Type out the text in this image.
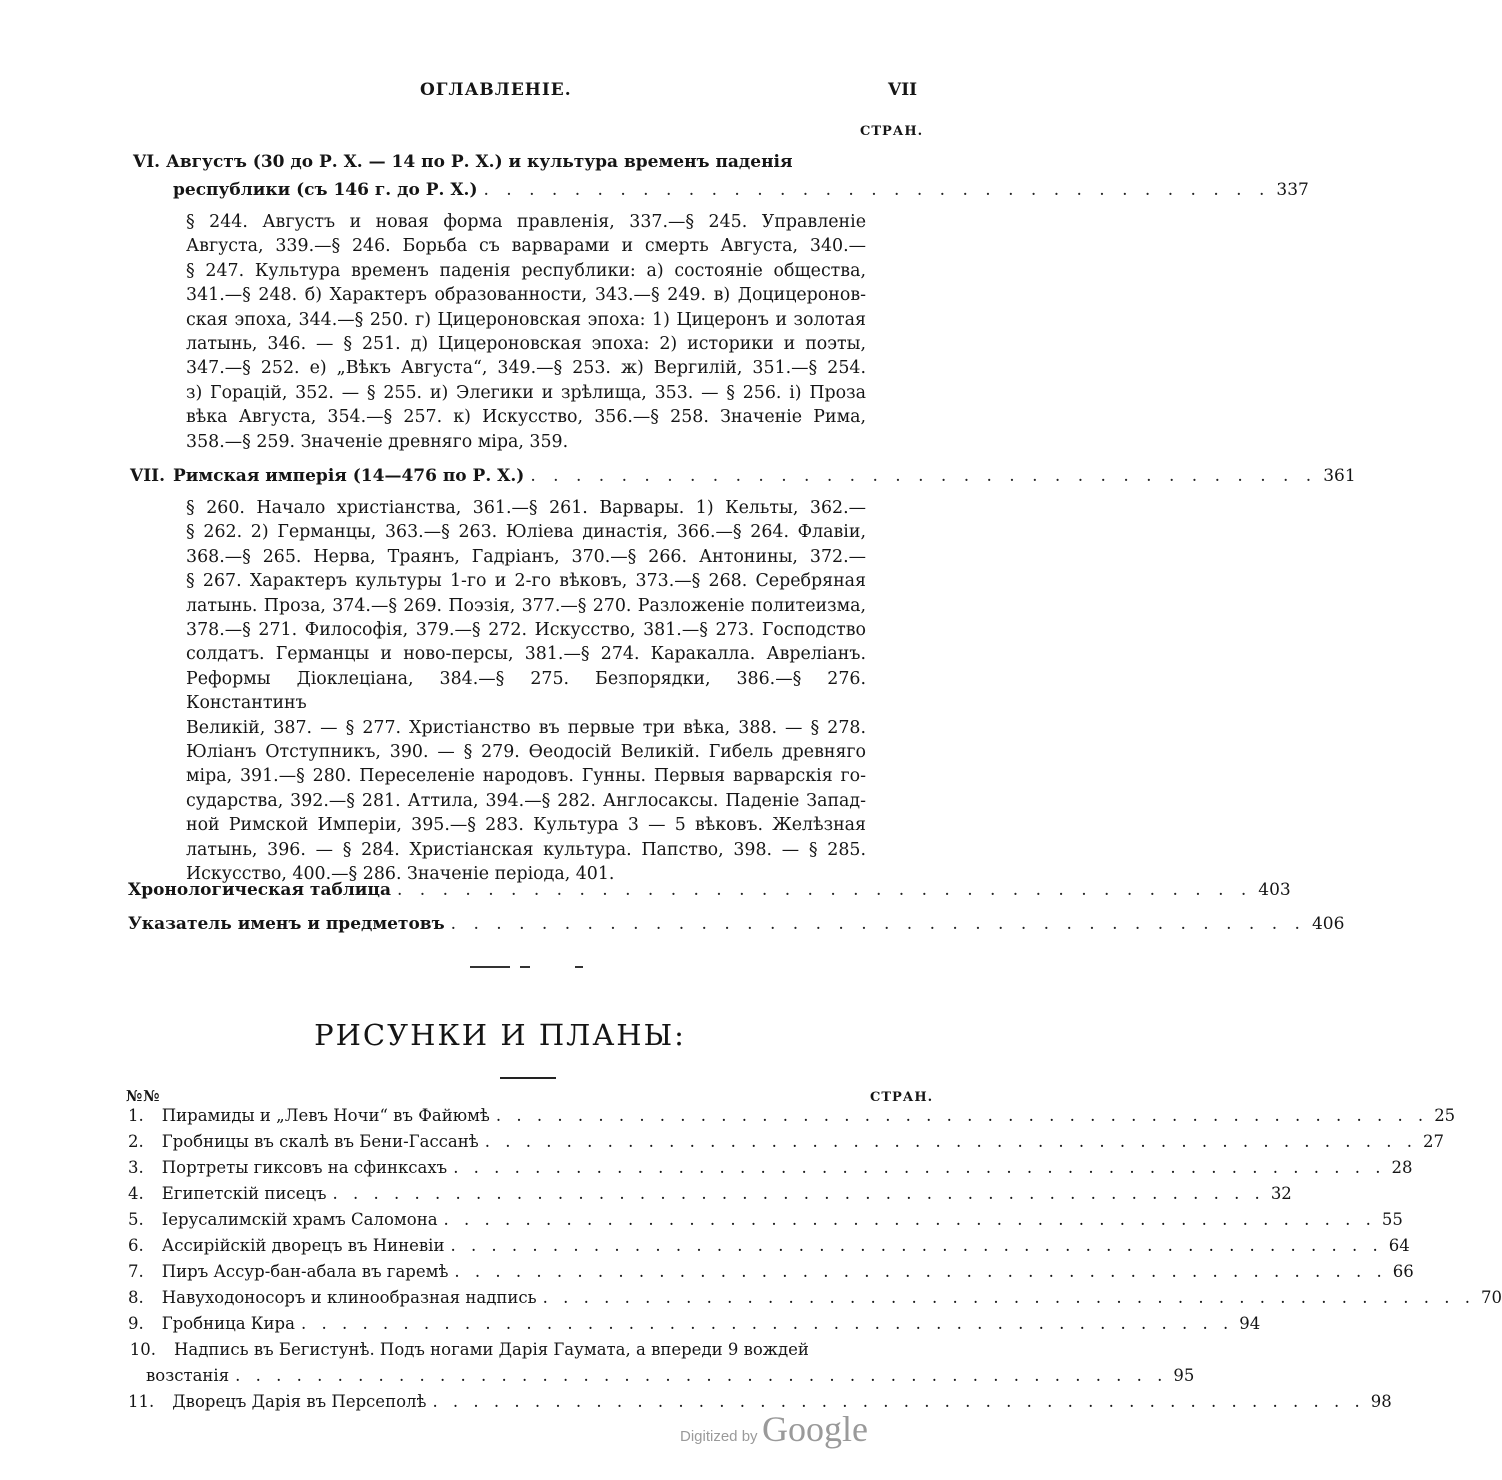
ОГЛАВЛЕНІЕ.	VII
СТРАН.
VI. Августъ (30 до Р. X. — 14 по Р. X.) и культура временъ паденія
республики (съ 146 г. до Р. X.) . . . . . . . . . . . . . . . . . . . . . . . . . . . . . . . . . . . 337
§ 244. Августъ и новая форма правленія, 337.—§ 245. Управленіе
Августа, 339.—§ 246. Борьба съ варварами и смерть Августа, 340.—
§ 247. Культура временъ паденія республики: а) состояніе общества,
341.—§ 248. б) Характеръ образованности, 343.—§ 249. в) Доцицеронов-
ская эпоха, 344.—§ 250. г) Цицероновская эпоха: 1) Цицеронъ и золотая
латынь, 346. — § 251. д) Цицероновская эпоха: 2) историки и поэты,
347.—§ 252. е) „Вѣкъ Августа“, 349.—§ 253. ж) Вергилій, 351.—§ 254.
з) Горацій, 352. — § 255. и) Элегики и зрѣлища, 353. — § 256. і) Проза
вѣка Августа, 354.—§ 257. к) Искусство, 356.—§ 258. Значеніе Рима,
358.—§ 259. Значеніе древняго міра, 359.
VII. Римская имперія (14—476 по Р. X.) . . . . . . . . . . . . . . . . . . . . . . . . . . . . . . . . . . . 361
§ 260. Начало христіанства, 361.—§ 261. Варвары. 1) Кельты, 362.—
§ 262. 2) Германцы, 363.—§ 263. Юліева династія, 366.—§ 264. Флавіи,
368.—§ 265. Нерва, Траянъ, Гадріанъ, 370.—§ 266. Антонины, 372.—
§ 267. Характеръ культуры 1-го и 2-го вѣковъ, 373.—§ 268. Серебряная
латынь. Проза, 374.—§ 269. Поэзія, 377.—§ 270. Разложеніе политеизма,
378.—§ 271. Философія, 379.—§ 272. Искусство, 381.—§ 273. Господство
солдатъ. Германцы и ново-персы, 381.—§ 274. Каракалла. Авреліанъ.
Реформы Діоклеціана, 384.—§ 275. Безпорядки, 386.—§ 276. Константинъ
Великій, 387. — § 277. Христіанство въ первые три вѣка, 388. — § 278.
Юліанъ Отступникъ, 390. — § 279. Ѳеодосій Великій. Гибель древняго
міра, 391.—§ 280. Переселеніе народовъ. Гунны. Первыя варварскія го-
сударства, 392.—§ 281. Аттила, 394.—§ 282. Англосаксы. Паденіе Запад-
ной Римской Имперіи, 395.—§ 283. Культура 3 — 5 вѣковъ. Желѣзная
латынь, 396. — § 284. Христіанская культура. Папство, 398. — § 285.
Искусство, 400.—§ 286. Значеніе періода, 401.
Хронологическая таблица . . . . . . . . . . . . . . . . . . . . . . . . . . . . . . . . . . . . . . 403
Указатель именъ и предметовъ . . . . . . . . . . . . . . . . . . . . . . . . . . . . . . . . . . . . . . 406
РИСУНКИ И ПЛАНЫ:
№№	СТРАН.
1. Пирамиды и „Левъ Ночи“ въ Файюмѣ . . . . . . . . . . . . . . . . . . . . . . . . . . . . . . . . . . . . . . . . . . . . . . 25
2. Гробницы въ скалѣ въ Бени-Гассанѣ . . . . . . . . . . . . . . . . . . . . . . . . . . . . . . . . . . . . . . . . . . . . . . 27
3. Портреты гиксовъ на сфинксахъ . . . . . . . . . . . . . . . . . . . . . . . . . . . . . . . . . . . . . . . . . . . . . . 28
4. Египетскій писецъ . . . . . . . . . . . . . . . . . . . . . . . . . . . . . . . . . . . . . . . . . . . . . . 32
5. Іерусалимскій храмъ Саломона . . . . . . . . . . . . . . . . . . . . . . . . . . . . . . . . . . . . . . . . . . . . . . 55
6. Ассирійскій дворецъ въ Ниневіи . . . . . . . . . . . . . . . . . . . . . . . . . . . . . . . . . . . . . . . . . . . . . . 64
7. Пиръ Ассур-бан-абала въ гаремѣ . . . . . . . . . . . . . . . . . . . . . . . . . . . . . . . . . . . . . . . . . . . . . . 66
8. Навуходоносоръ и клинообразная надпись . . . . . . . . . . . . . . . . . . . . . . . . . . . . . . . . . . . . . . . . . . . . . . 70
9. Гробница Кира . . . . . . . . . . . . . . . . . . . . . . . . . . . . . . . . . . . . . . . . . . . . . . 94
10. Надпись въ Бегистунѣ. Подъ ногами Дарія Гаумата, а впереди 9 вождей
возстанія . . . . . . . . . . . . . . . . . . . . . . . . . . . . . . . . . . . . . . . . . . . . . . 95
11. Дворецъ Дарія въ Персеполѣ . . . . . . . . . . . . . . . . . . . . . . . . . . . . . . . . . . . . . . . . . . . . . . 98
Digitized by Google
